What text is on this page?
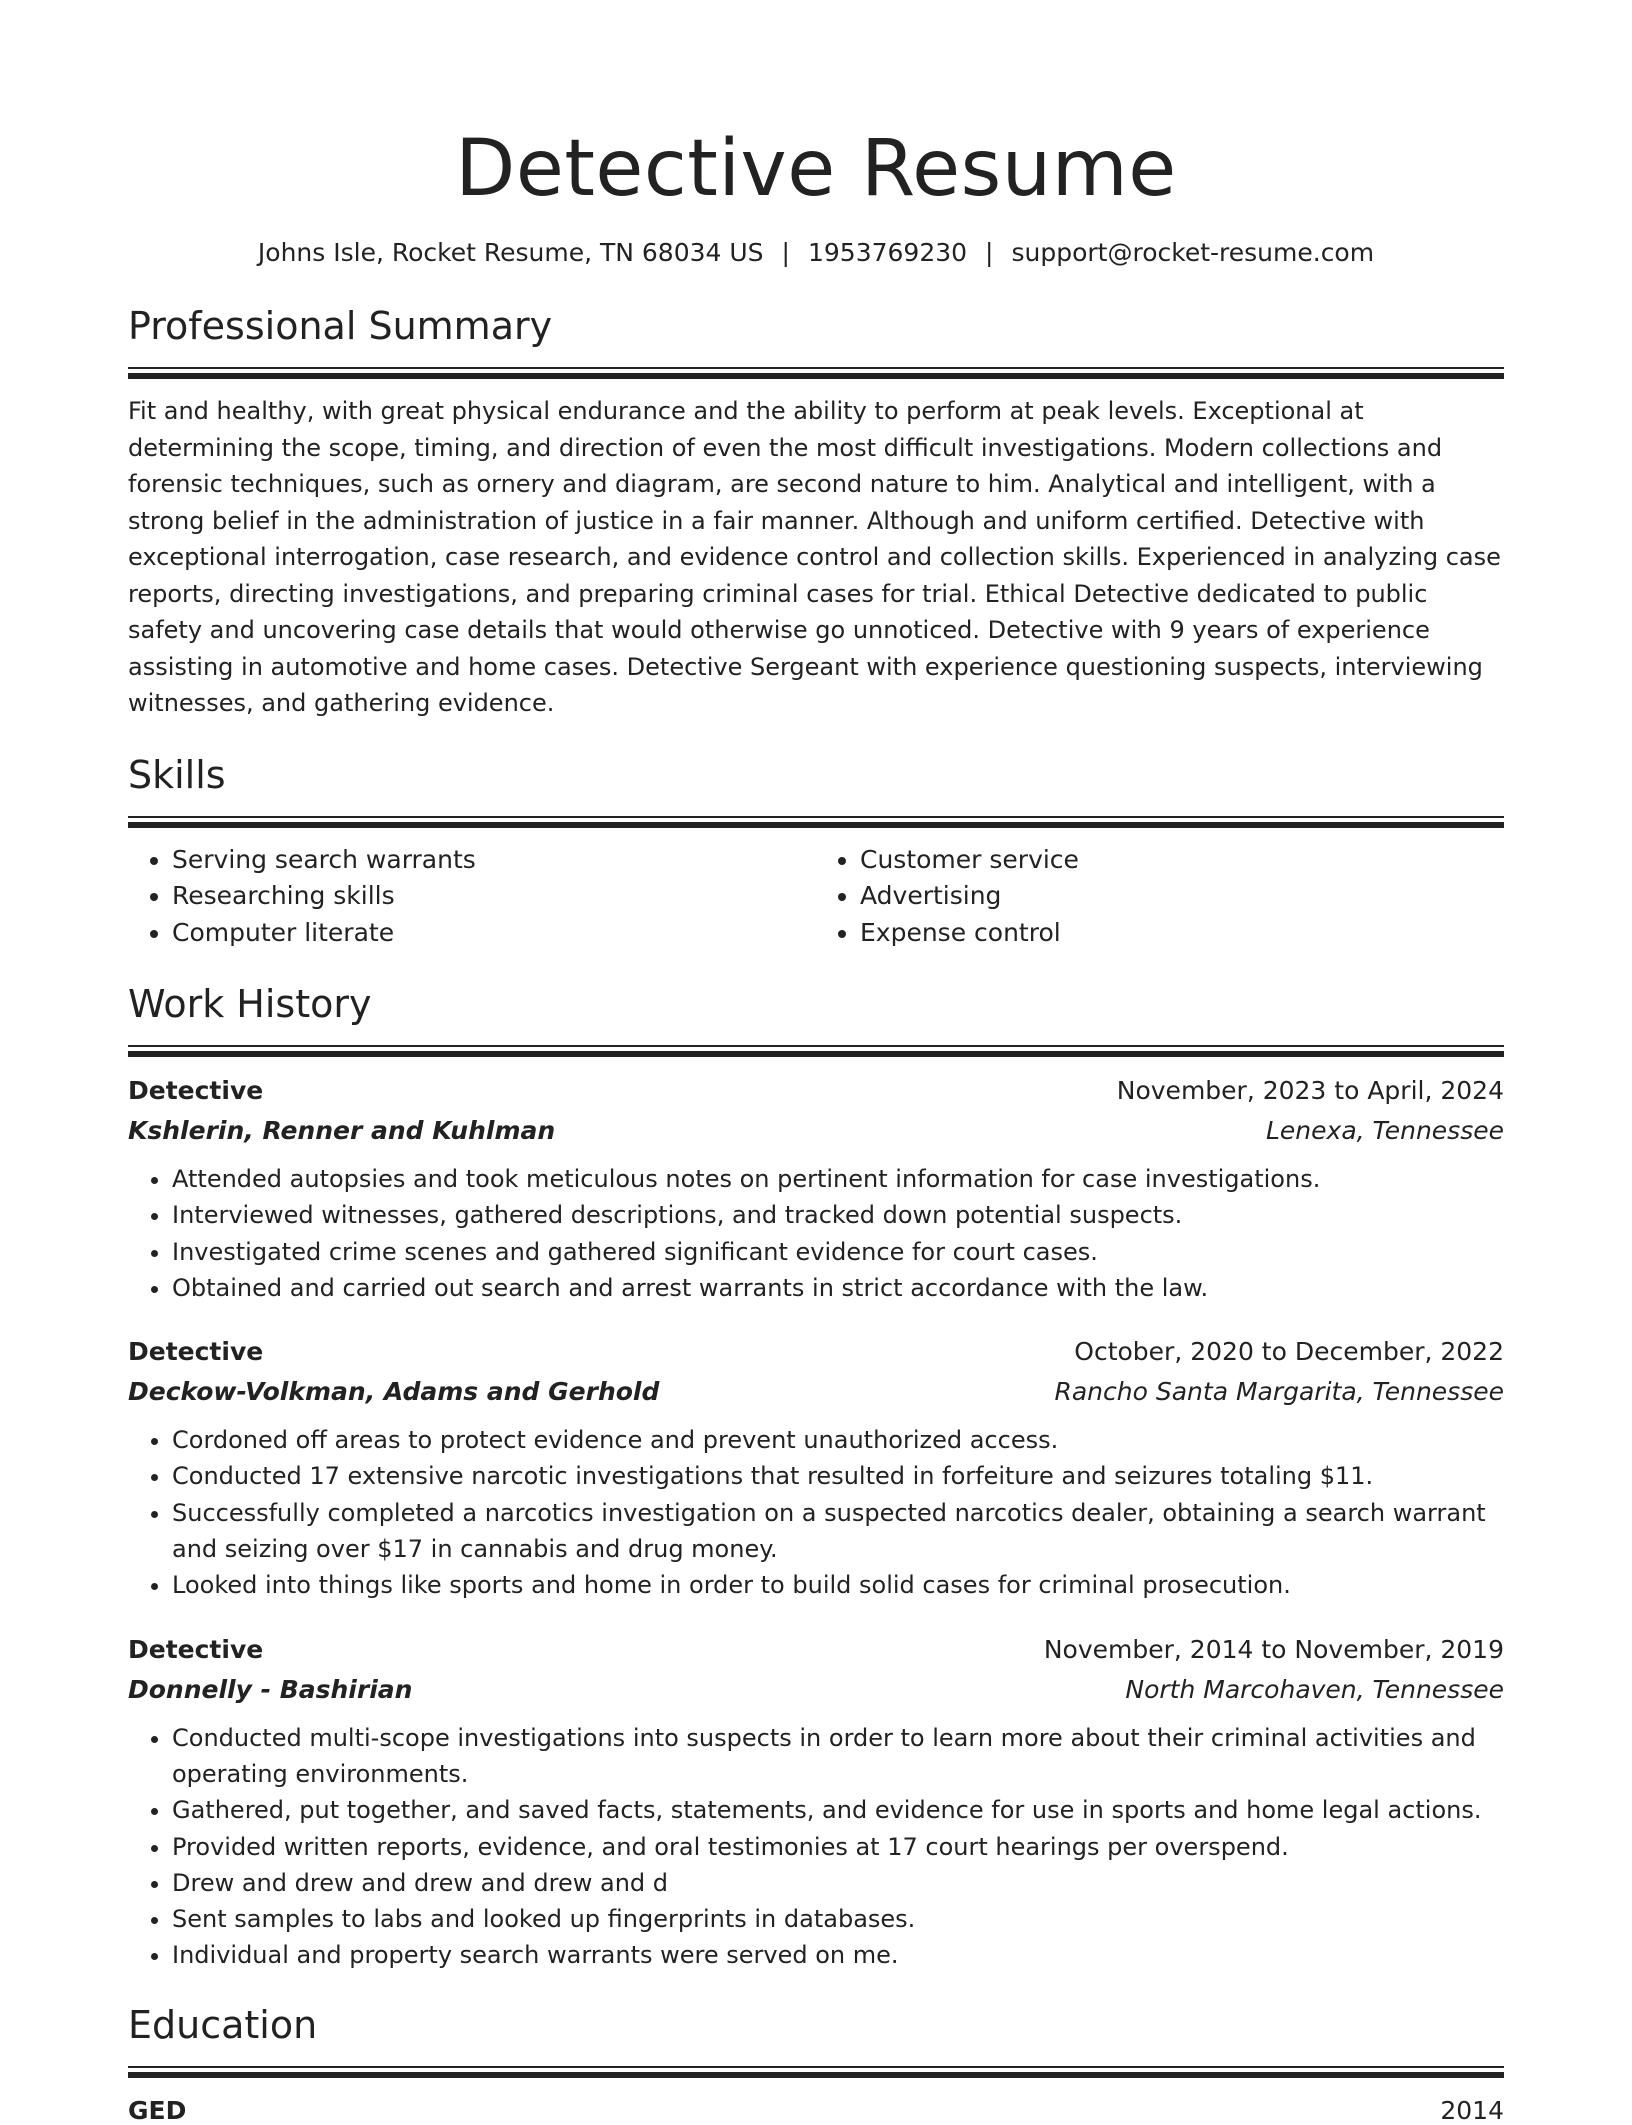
Detective Resume
Johns Isle, Rocket Resume, TN 68034 US | 1953769230 | support@rocket-resume.com
Professional Summary

Fit and healthy, with great physical endurance and the ability to perform at peak levels. Exceptional at determining the scope, timing, and direction of even the most difficult investigations. Modern collections and forensic techniques, such as ornery and diagram, are second nature to him. Analytical and intelligent, with a strong belief in the administration of justice in a fair manner. Although and uniform certified. Detective with exceptional interrogation, case research, and evidence control and collection skills. Experienced in analyzing case reports, directing investigations, and preparing criminal cases for trial. Ethical Detective dedicated to public safety and uncovering case details that would otherwise go unnoticed. Detective with 9 years of experience assisting in automotive and home cases. Detective Sergeant with experience questioning suspects, interviewing witnesses, and gathering evidence.

Skills
• Serving search warrants
• Researching skills
• Computer literate
• Customer service
• Advertising
• Expense control
Work History
Detective	November, 2023 to April, 2024
Kshlerin, Renner and Kuhlman	Lenexa, Tennessee
• Attended autopsies and took meticulous notes on pertinent information for case investigations.
• Interviewed witnesses, gathered descriptions, and tracked down potential suspects.
• Investigated crime scenes and gathered significant evidence for court cases.
• Obtained and carried out search and arrest warrants in strict accordance with the law.
Detective	October, 2020 to December, 2022
Deckow-Volkman, Adams and Gerhold	Rancho Santa Margarita, Tennessee
• Cordoned off areas to protect evidence and prevent unauthorized access.
• Conducted 17 extensive narcotic investigations that resulted in forfeiture and seizures totaling $11.
• Successfully completed a narcotics investigation on a suspected narcotics dealer, obtaining a search warrant and seizing over $17 in cannabis and drug money.
• Looked into things like sports and home in order to build solid cases for criminal prosecution.
Detective	November, 2014 to November, 2019
Donnelly - Bashirian	North Marcohaven, Tennessee
• Conducted multi-scope investigations into suspects in order to learn more about their criminal activities and operating environments.
• Gathered, put together, and saved facts, statements, and evidence for use in sports and home legal actions.
• Provided written reports, evidence, and oral testimonies at 17 court hearings per overspend.
• Drew and drew and drew and drew and d
• Sent samples to labs and looked up fingerprints in databases.
• Individual and property search warrants were served on me.
Education
GED	2014
